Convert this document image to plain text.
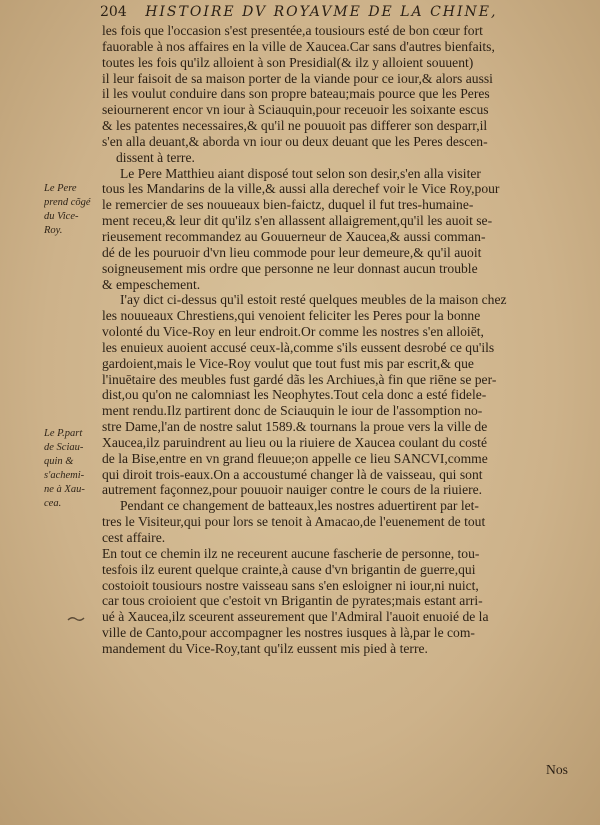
204 HISTOIRE DV ROYAVME DE LA CHINE,
Le Pere
prend cõgé
du Vice-
Roy.
Le P.part
de Sciau-
quin &
s'achemi-
ne à Xau-
cea.

les fois que l'occasion s'est presentée,a tousiours esté de bon cœur fort
fauorable à nos affaires en la ville de Xaucea.Car sans d'autres bienfaits,
toutes les fois qu'ilz alloient à son Presidial(& ilz y alloient souuent)
il leur faisoit de sa maison porter de la viande pour ce iour,& alors aussi
il les voulut conduire dans son propre bateau;mais pource que les Peres
seiournerent encor vn iour à Sciauquin,pour receuoir les soixante escus
& les patentes necessaires,& qu'il ne pouuoit pas differer son desparr,il
s'en alla deuant,& aborda vn iour ou deux deuant que les Peres descen-
dissent à terre.

Le Pere Matthieu aiant disposé tout selon son desir,s'en alla visiter
tous les Mandarins de la ville,& aussi alla derechef voir le Vice Roy,pour
le remercier de ses nouueaux bien-faictz, duquel il fut tres-humaine-
ment receu,& leur dit qu'ilz s'en allassent allaigrement,qu'il les auoit se-
rieusement recommandez au Gouuerneur de Xaucea,& aussi comman-
dé de les pouruoir d'vn lieu commode pour leur demeure,& qu'il auoit
soigneusement mis ordre que personne ne leur donnast aucun trouble
& empeschement.

I'ay dict ci-dessus qu'il estoit resté quelques meubles de la maison chez
les nouueaux Chrestiens,qui venoient feliciter les Peres pour la bonne
volonté du Vice-Roy en leur endroit.Or comme les nostres s'en alloiēt,
les enuieux auoient accusé ceux-là,comme s'ils eussent desrobé ce qu'ils
gardoient,mais le Vice-Roy voulut que tout fust mis par escrit,& que
l'inuētaire des meubles fust gardé dãs les Archiues,à fin que riēne se per-
dist,ou qu'on ne calomniast les Neophytes.Tout cela donc a esté fidele-
ment rendu.Ilz partirent donc de Sciauquin le iour de l'assomption no-
stre Dame,l'an de nostre salut 1589.& tournans la proue vers la ville de
Xaucea,ilz paruindrent au lieu ou la riuiere de Xaucea coulant du costé
de la Bise,entre en vn grand fleuue;on appelle ce lieu SANCVI,comme
qui diroit trois-eaux.On a accoustumé changer là de vaisseau, qui sont
autrement façonnez,pour pouuoir nauiger contre le cours de la riuiere.

Pendant ce changement de batteaux,les nostres aduertirent par let-
tres le Visiteur,qui pour lors se tenoit à Amacao,de l'euenement de tout
cest affaire.

En tout ce chemin ilz ne receurent aucune fascherie de personne, tou-
tesfois ilz eurent quelque crainte,à cause d'vn brigantin de guerre,qui
costoioit tousiours nostre vaisseau sans s'en esloigner ni iour,ni nuict,
car tous croioient que c'estoit vn Brigantin de pyrates;mais estant arri-
ué à Xaucea,ilz sceurent asseurement que l'Admiral l'auoit enuoié de la
ville de Canto,pour accompagner les nostres iusques à là,par le com-
mandement du Vice-Roy,tant qu'ilz eussent mis pied à terre.

Nos
